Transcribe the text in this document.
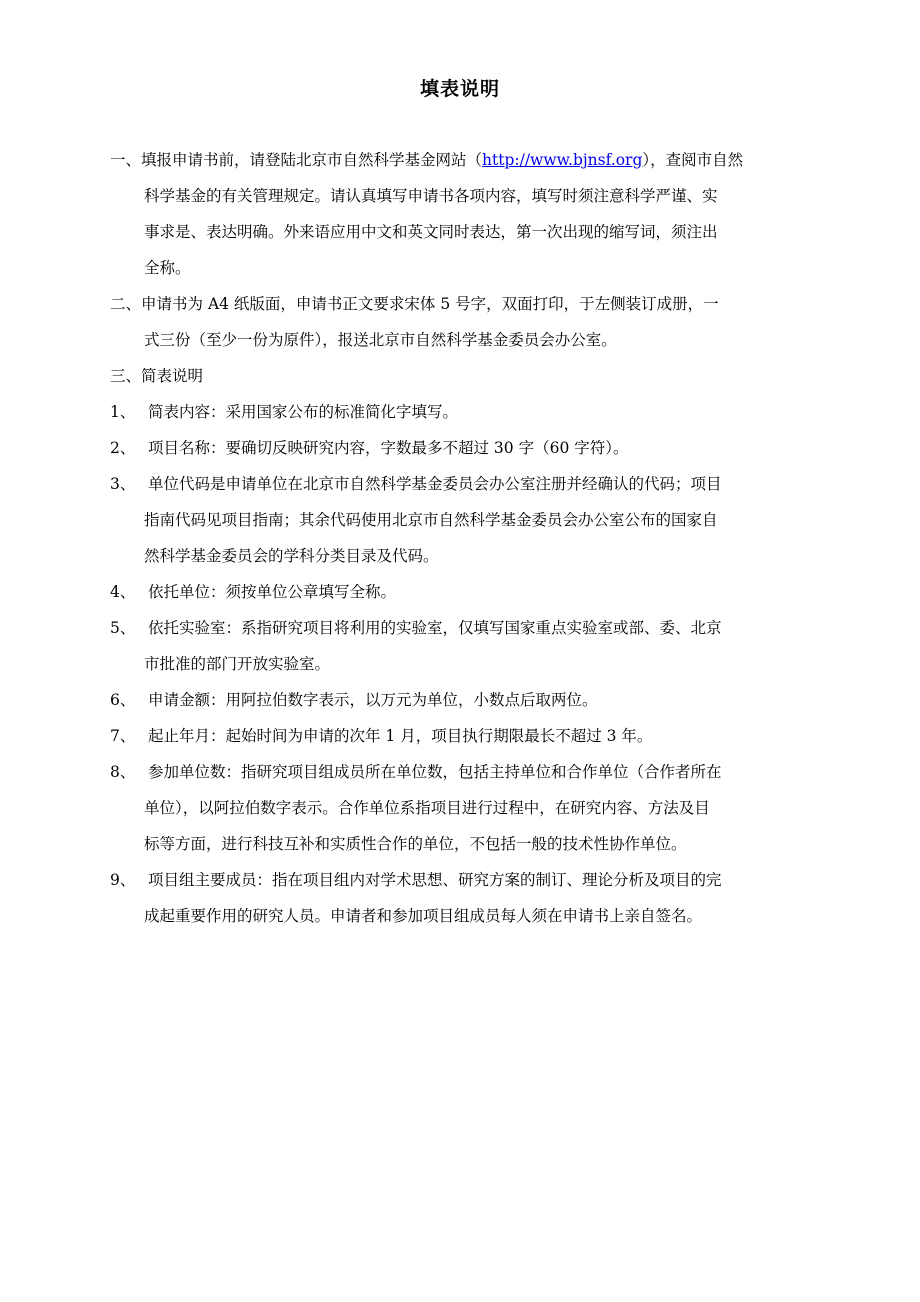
填表说明
一、 填报申请书前，请登陆北京市自然科学基金网站（http://www.bjnsf.org），查阅市自然
科学基金的有关管理规定。请认真填写申请书各项内容，填写时须注意科学严谨、实
事求是、表达明确。外来语应用中文和英文同时表达，第一次出现的缩写词，须注出
全称。
二、 申请书为 A4 纸版面，申请书正文要求宋体 5 号字，双面打印，于左侧装订成册，一
式三份（至少一份为原件），报送北京市自然科学基金委员会办公室。
三、 简表说明
1、 简表内容：采用国家公布的标准简化字填写。
2、 项目名称：要确切反映研究内容，字数最多不超过 30 字（60 字符）。
3、 单位代码是申请单位在北京市自然科学基金委员会办公室注册并经确认的代码；项目
指南代码见项目指南；其余代码使用北京市自然科学基金委员会办公室公布的国家自
然科学基金委员会的学科分类目录及代码。
4、 依托单位：须按单位公章填写全称。
5、 依托实验室：系指研究项目将利用的实验室，仅填写国家重点实验室或部、委、北京
市批准的部门开放实验室。
6、 申请金额：用阿拉伯数字表示，以万元为单位，小数点后取两位。
7、 起止年月：起始时间为申请的次年 1 月，项目执行期限最长不超过 3 年。
8、 参加单位数：指研究项目组成员所在单位数，包括主持单位和合作单位（合作者所在
单位），以阿拉伯数字表示。合作单位系指项目进行过程中，在研究内容、方法及目
标等方面，进行科技互补和实质性合作的单位，不包括一般的技术性协作单位。
9、 项目组主要成员：指在项目组内对学术思想、研究方案的制订、理论分析及项目的完
成起重要作用的研究人员。申请者和参加项目组成员每人须在申请书上亲自签名。
